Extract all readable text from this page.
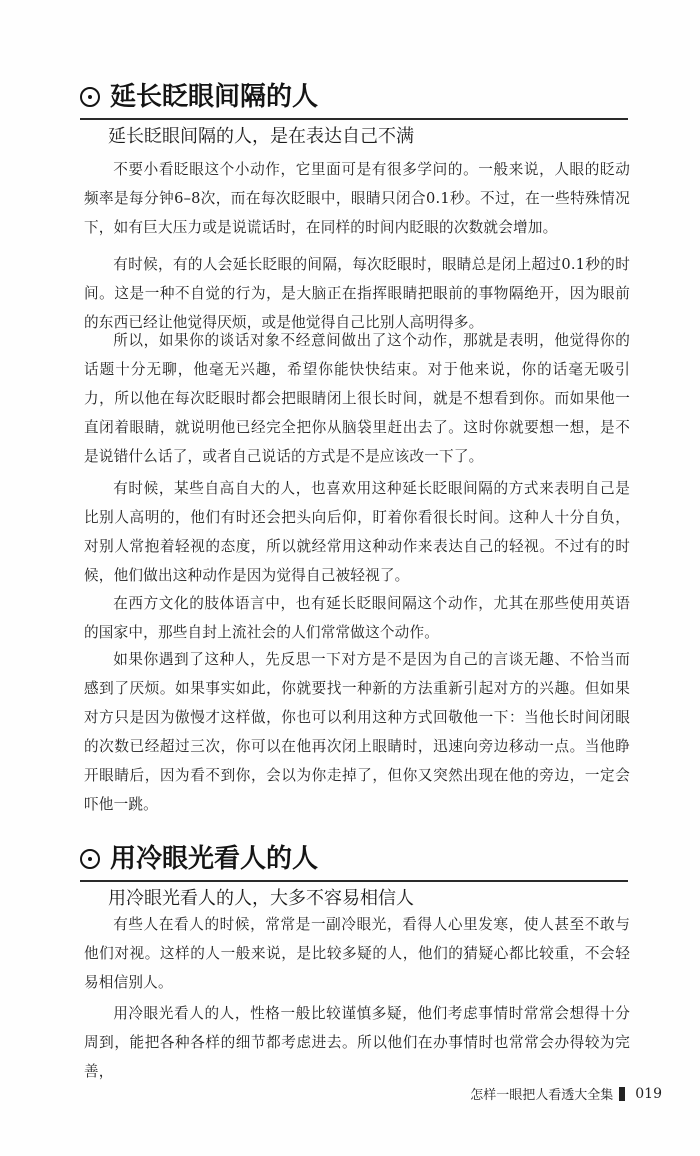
延长眨眼间隔的人
延长眨眼间隔的人，是在表达自己不满

不要小看眨眼这个小动作，它里面可是有很多学问的。一般来说，人眼的眨动频率是每分钟6–8次，而在每次眨眼中，眼睛只闭合0.1秒。不过，在一些特殊情况下，如有巨大压力或是说谎话时，在同样的时间内眨眼的次数就会增加。

有时候，有的人会延长眨眼的间隔，每次眨眼时，眼睛总是闭上超过0.1秒的时间。这是一种不自觉的行为，是大脑正在指挥眼睛把眼前的事物隔绝开，因为眼前的东西已经让他觉得厌烦，或是他觉得自己比别人高明得多。

所以，如果你的谈话对象不经意间做出了这个动作，那就是表明，他觉得你的话题十分无聊，他毫无兴趣，希望你能快快结束。对于他来说，你的话毫无吸引力，所以他在每次眨眼时都会把眼睛闭上很长时间，就是不想看到你。而如果他一直闭着眼睛，就说明他已经完全把你从脑袋里赶出去了。这时你就要想一想，是不是说错什么话了，或者自己说话的方式是不是应该改一下了。

有时候，某些自高自大的人，也喜欢用这种延长眨眼间隔的方式来表明自己是比别人高明的，他们有时还会把头向后仰，盯着你看很长时间。这种人十分自负，对别人常抱着轻视的态度，所以就经常用这种动作来表达自己的轻视。不过有的时候，他们做出这种动作是因为觉得自己被轻视了。

在西方文化的肢体语言中，也有延长眨眼间隔这个动作，尤其在那些使用英语的国家中，那些自封上流社会的人们常常做这个动作。

如果你遇到了这种人，先反思一下对方是不是因为自己的言谈无趣、不恰当而感到了厌烦。如果事实如此，你就要找一种新的方法重新引起对方的兴趣。但如果对方只是因为傲慢才这样做，你也可以利用这种方式回敬他一下：当他长时间闭眼的次数已经超过三次，你可以在他再次闭上眼睛时，迅速向旁边移动一点。当他睁开眼睛后，因为看不到你，会以为你走掉了，但你又突然出现在他的旁边，一定会吓他一跳。

用冷眼光看人的人
用冷眼光看人的人，大多不容易相信人

有些人在看人的时候，常常是一副冷眼光，看得人心里发寒，使人甚至不敢与他们对视。这样的人一般来说，是比较多疑的人，他们的猜疑心都比较重，不会轻易相信别人。

用冷眼光看人的人，性格一般比较谨慎多疑，他们考虑事情时常常会想得十分周到，能把各种各样的细节都考虑进去。所以他们在办事情时也常常会办得较为完善，

怎样一眼把人看透大全集 019
